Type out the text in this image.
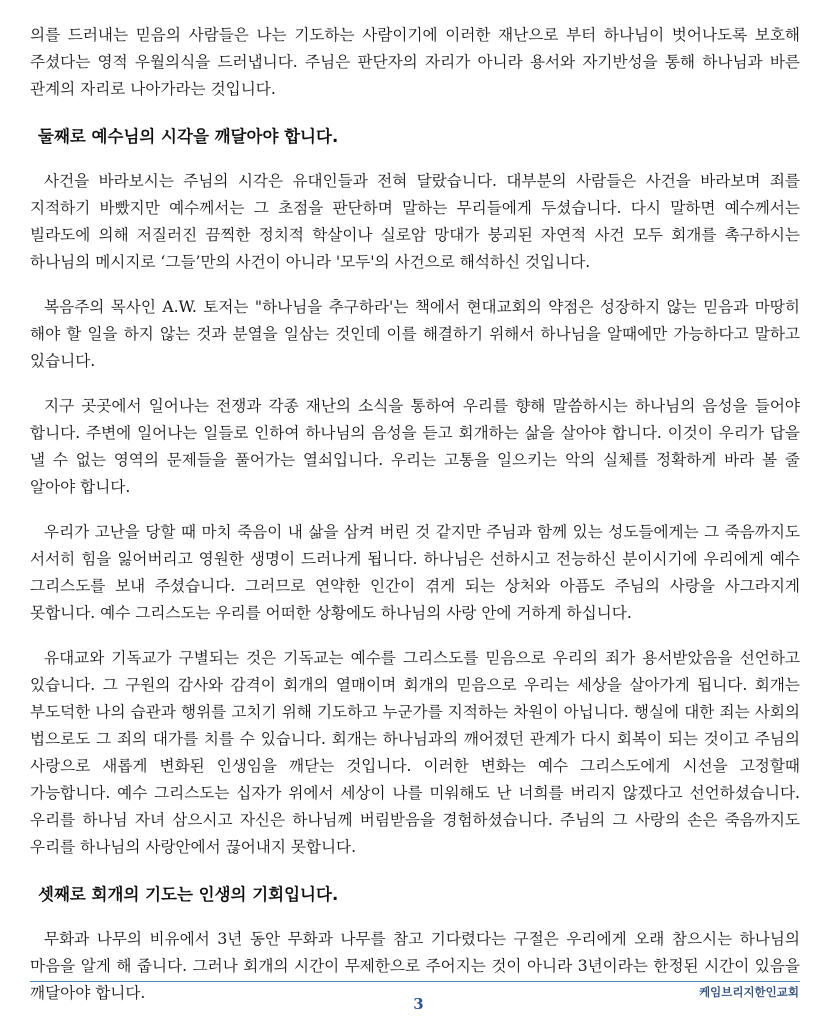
의를 드러내는 믿음의 사람들은 나는 기도하는 사람이기에 이러한 재난으로 부터 하나님이 벗어나도록 보호해 주셨다는 영적 우월의식을 드러냅니다. 주님은 판단자의 자리가 아니라 용서와 자기반성을 통해 하나님과 바른 관계의 자리로 나아가라는 것입니다.

둘째로 예수님의 시각을 깨달아야 합니다.

사건을 바라보시는 주님의 시각은 유대인들과 전혀 달랐습니다. 대부분의 사람들은 사건을 바라보며 죄를 지적하기 바빴지만 예수께서는 그 초점을 판단하며 말하는 무리들에게 두셨습니다. 다시 말하면 예수께서는 빌라도에 의해 저질러진 끔찍한 정치적 학살이나 실로암 망대가 붕괴된 자연적 사건 모두 회개를 촉구하시는 하나님의 메시지로 ‘그들’만의 사건이 아니라 '모두'의 사건으로 해석하신 것입니다.

복음주의 목사인 A.W. 토저는 "하나님을 추구하라'는 책에서 현대교회의 약점은 성장하지 않는 믿음과 마땅히 해야 할 일을 하지 않는 것과 분열을 일삼는 것인데 이를 해결하기 위해서 하나님을 알때에만 가능하다고 말하고 있습니다.

지구 곳곳에서 일어나는 전쟁과 각종 재난의 소식을 통하여 우리를 향해 말씀하시는 하나님의 음성을 들어야 합니다. 주변에 일어나는 일들로 인하여 하나님의 음성을 듣고 회개하는 삶을 살아야 합니다. 이것이 우리가 답을 낼 수 없는 영역의 문제들을 풀어가는 열쇠입니다. 우리는 고통을 일으키는 악의 실체를 정확하게 바라 볼 줄 알아야 합니다.

우리가 고난을 당할 때 마치 죽음이 내 삶을 삼켜 버린 것 같지만 주님과 함께 있는 성도들에게는 그 죽음까지도 서서히 힘을 잃어버리고 영원한 생명이 드러나게 됩니다. 하나님은 선하시고 전능하신 분이시기에 우리에게 예수 그리스도를 보내 주셨습니다. 그러므로 연약한 인간이 겪게 되는 상처와 아픔도 주님의 사랑을 사그라지게 못합니다. 예수 그리스도는 우리를 어떠한 상황에도 하나님의 사랑 안에 거하게 하십니다.

유대교와 기독교가 구별되는 것은 기독교는 예수를 그리스도를 믿음으로 우리의 죄가 용서받았음을 선언하고 있습니다. 그 구원의 감사와 감격이 회개의 열매이며 회개의 믿음으로 우리는 세상을 살아가게 됩니다. 회개는 부도덕한 나의 습관과 행위를 고치기 위해 기도하고 누군가를 지적하는 차원이 아닙니다. 행실에 대한 죄는 사회의 법으로도 그 죄의 대가를 치를 수 있습니다. 회개는 하나님과의 깨어졌던 관계가 다시 회복이 되는 것이고 주님의 사랑으로 새롭게 변화된 인생임을 깨닫는 것입니다. 이러한 변화는 예수 그리스도에게 시선을 고정할때 가능합니다. 예수 그리스도는 십자가 위에서 세상이 나를 미워해도 난 너희를 버리지 않겠다고 선언하셨습니다. 우리를 하나님 자녀 삼으시고 자신은 하나님께 버림받음을 경험하셨습니다. 주님의 그 사랑의 손은 죽음까지도 우리를 하나님의 사랑안에서 끊어내지 못합니다.

셋째로 회개의 기도는 인생의 기회입니다.

무화과 나무의 비유에서 3년 동안 무화과 나무를 참고 기다렸다는 구절은 우리에게 오래 참으시는 하나님의 마음을 알게 해 줍니다. 그러나 회개의 시간이 무제한으로 주어지는 것이 아니라 3년이라는 한정된 시간이 있음을 깨달아야 합니다.	케임브리지한인교회
3
